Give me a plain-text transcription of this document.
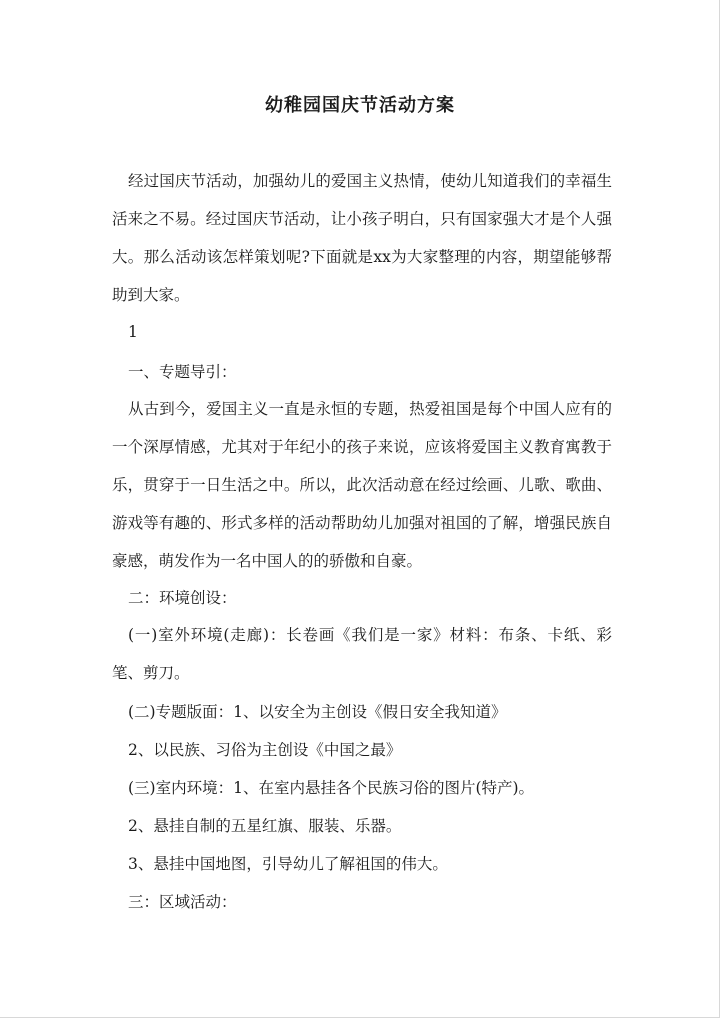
幼稚园国庆节活动方案

经过国庆节活动，加强幼儿的爱国主义热情，使幼儿知道我们的幸福生活来之不易。经过国庆节活动，让小孩子明白，只有国家强大才是个人强大。那么活动该怎样策划呢?下面就是xx为大家整理的内容，期望能够帮助到大家。

1

一、专题导引：

从古到今，爱国主义一直是永恒的专题，热爱祖国是每个中国人应有的一个深厚情感，尤其对于年纪小的孩子来说，应该将爱国主义教育寓教于乐，贯穿于一日生活之中。所以，此次活动意在经过绘画、儿歌、歌曲、游戏等有趣的、形式多样的活动帮助幼儿加强对祖国的了解，增强民族自豪感，萌发作为一名中国人的的骄傲和自豪。

二：环境创设：

(一)室外环境(走廊)：长卷画《我们是一家》材料：布条、卡纸、彩笔、剪刀。

(二)专题版面：1、以安全为主创设《假日安全我知道》

2、以民族、习俗为主创设《中国之最》

(三)室内环境：1、在室内悬挂各个民族习俗的图片(特产)。

2、悬挂自制的五星红旗、服装、乐器。

3、悬挂中国地图，引导幼儿了解祖国的伟大。

三：区域活动：
